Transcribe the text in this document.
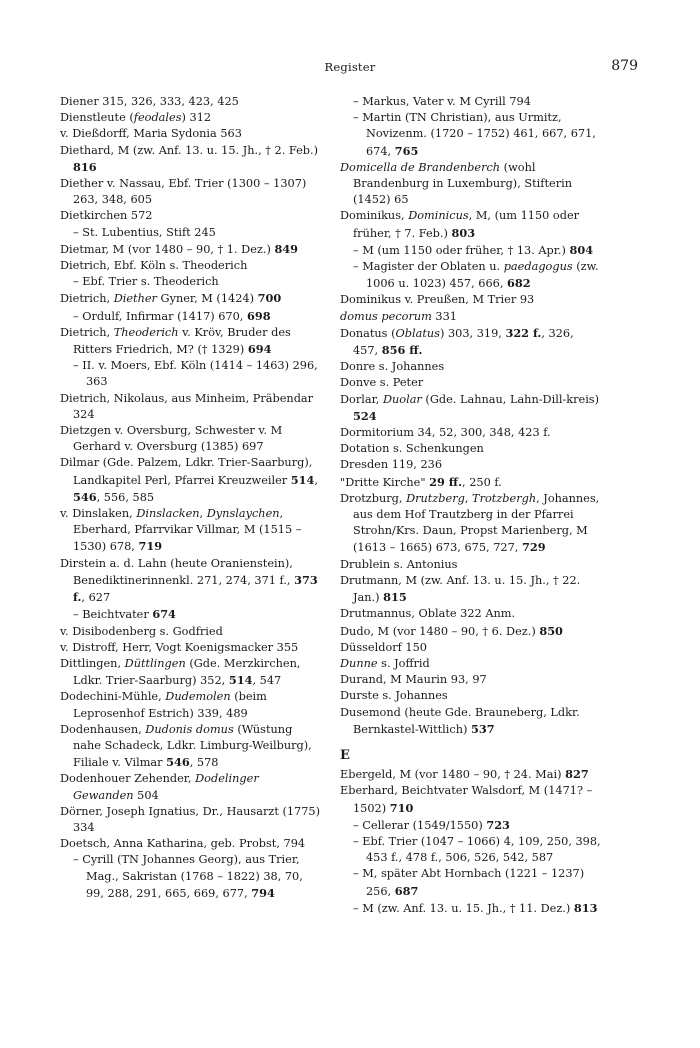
Register	879

Diener 315, 326, 333, 423, 425

Dienstleute (feodales) 312

v. Dießdorff, Maria Sydonia 563

Diethard, M (zw. Anf. 13. u. 15. Jh., † 2. Feb.) 816

Diether v. Nassau, Ebf. Trier (1300 – 1307) 263, 348, 605

Dietkirchen 572

– St. Lubentius, Stift 245

Dietmar, M (vor 1480 – 90, † 1. Dez.) 849

Dietrich, Ebf. Köln s. Theoderich

– Ebf. Trier s. Theoderich

Dietrich, Diether Gyner, M (1424) 700

– Ordulf, Infirmar (1417) 670, 698

Dietrich, Theoderich v. Kröv, Bruder des Ritters Friedrich, M? († 1329) 694

– II. v. Moers, Ebf. Köln (1414 – 1463) 296, 363

Dietrich, Nikolaus, aus Minheim, Präbendar 324

Dietzgen v. Oversburg, Schwester v. M Gerhard v. Oversburg (1385) 697

Dilmar (Gde. Palzem, Ldkr. Trier-Saarburg), Landkapitel Perl, Pfarrei Kreuzweiler 514, 546, 556, 585

v. Dinslaken, Dinslacken, Dynslaychen, Eberhard, Pfarrvikar Villmar, M (1515 – 1530) 678, 719

Dirstein a. d. Lahn (heute Oranienstein), Benediktinerinnenkl. 271, 274, 371 f., 373 f., 627

– Beichtvater 674

v. Disibodenberg s. Godfried

v. Distroff, Herr, Vogt Koenigsmacker 355

Dittlingen, Düttlingen (Gde. Merzkirchen, Ldkr. Trier-Saarburg) 352, 514, 547

Dodechini-Mühle, Dudemolen (beim Leprosenhof Estrich) 339, 489

Dodenhausen, Dudonis domus (Wüstung nahe Schadeck, Ldkr. Limburg-Weilburg), Filiale v. Vilmar 546, 578

Dodenhouer Zehender, Dodelinger Gewanden 504

Dörner, Joseph Ignatius, Dr., Hausarzt (1775) 334

Doetsch, Anna Katharina, geb. Probst, 794

– Cyrill (TN Johannes Georg), aus Trier, Mag., Sakristan (1768 – 1822) 38, 70, 99, 288, 291, 665, 669, 677, 794

– Markus, Vater v. M Cyrill 794

– Martin (TN Christian), aus Urmitz, Novizenm. (1720 – 1752) 461, 667, 671, 674, 765

Domicella de Brandenberch (wohl Brandenburg in Luxemburg), Stifterin (1452) 65

Dominikus, Dominicus, M, (um 1150 oder früher, † 7. Feb.) 803

– M (um 1150 oder früher, † 13. Apr.) 804

– Magister der Oblaten u. paedagogus (zw. 1006 u. 1023) 457, 666, 682

Dominikus v. Preußen, M Trier 93

domus pecorum 331

Donatus (Oblatus) 303, 319, 322 f., 326, 457, 856 ff.

Donre s. Johannes

Donve s. Peter

Dorlar, Duolar (Gde. Lahnau, Lahn-Dill-kreis) 524

Dormitorium 34, 52, 300, 348, 423 f.

Dotation s. Schenkungen

Dresden 119, 236

"Dritte Kirche" 29 ff., 250 f.

Drotzburg, Drutzberg, Trotzbergh, Johannes, aus dem Hof Trautzberg in der Pfarrei Strohn/Krs. Daun, Propst Marienberg, M (1613 – 1665) 673, 675, 727, 729

Drublein s. Antonius

Drutmann, M (zw. Anf. 13. u. 15. Jh., † 22. Jan.) 815

Drutmannus, Oblate 322 Anm.

Dudo, M (vor 1480 – 90, † 6. Dez.) 850

Düsseldorf 150

Dunne s. Joffrid

Durand, M Maurin 93, 97

Durste s. Johannes

Dusemond (heute Gde. Brauneberg, Ldkr. Bernkastel-Wittlich) 537

E

Ebergeld, M (vor 1480 – 90, † 24. Mai) 827

Eberhard, Beichtvater Walsdorf, M (1471? – 1502) 710

– Cellerar (1549/1550) 723

– Ebf. Trier (1047 – 1066) 4, 109, 250, 398, 453 f., 478 f., 506, 526, 542, 587

– M, später Abt Hornbach (1221 – 1237) 256, 687

– M (zw. Anf. 13. u. 15. Jh., † 11. Dez.) 813
